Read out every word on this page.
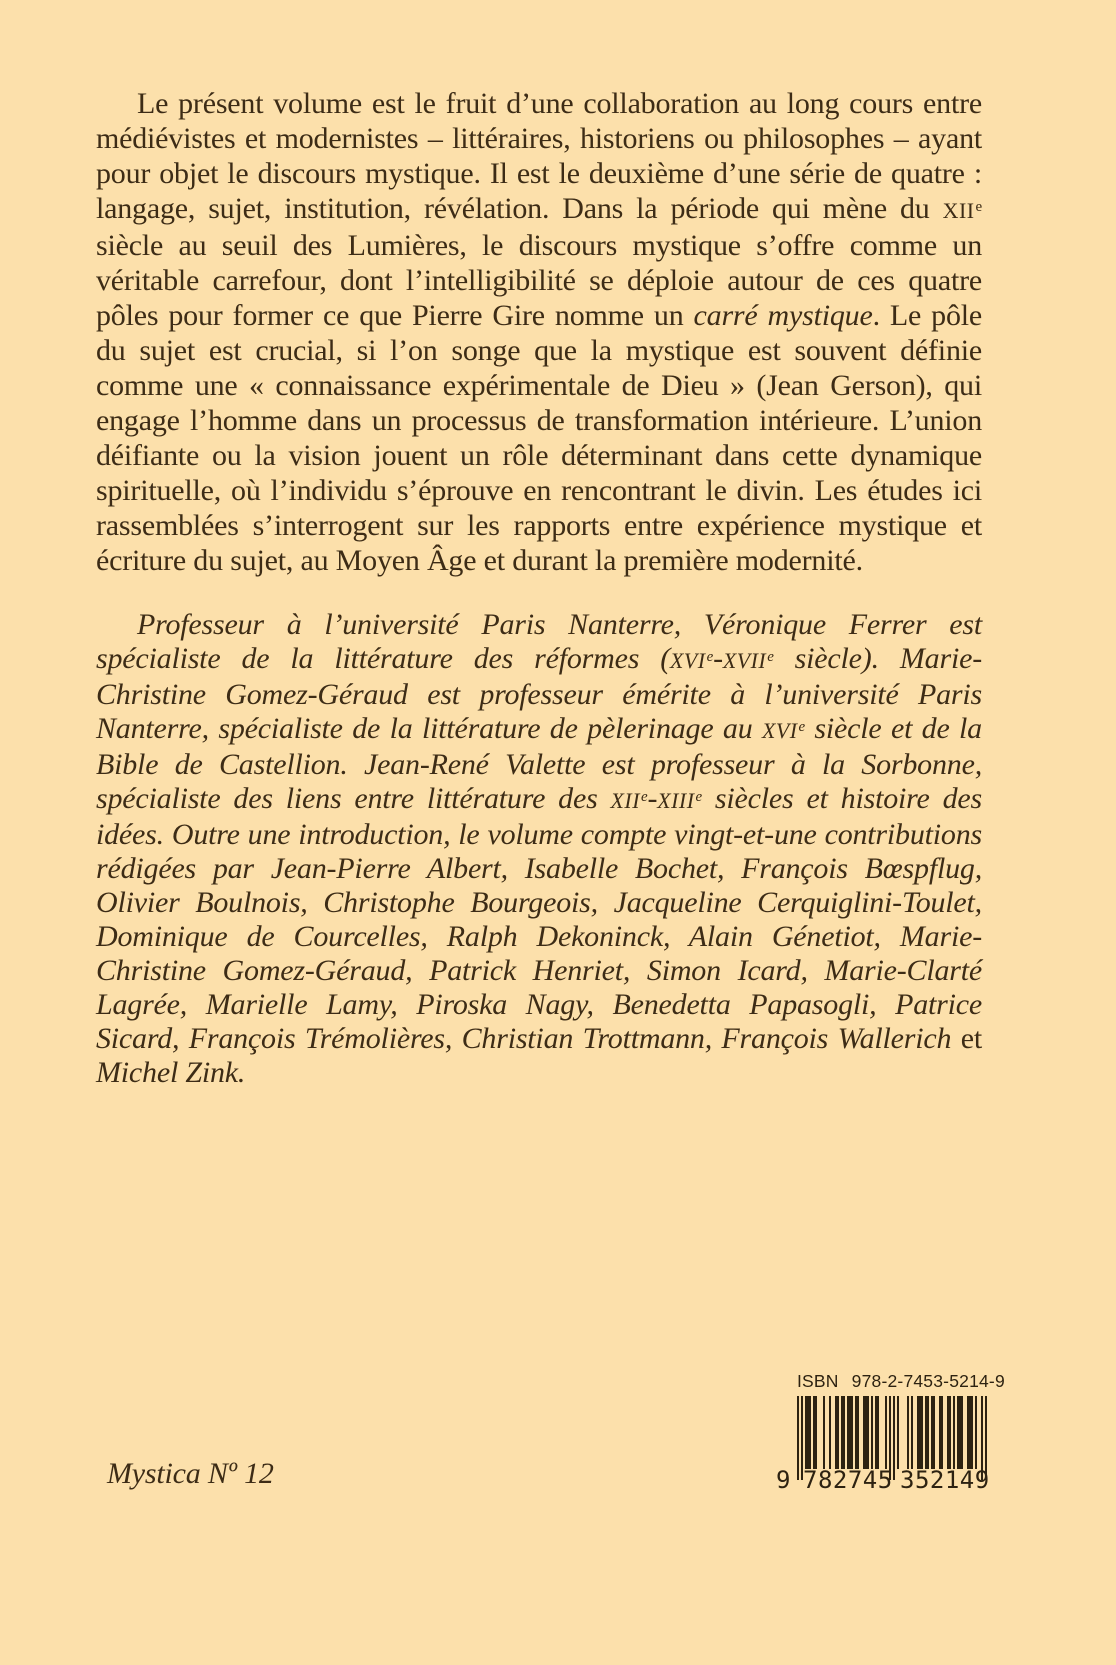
Le présent volume est le fruit d’une collaboration au long cours entre médiévistes et modernistes – littéraires, historiens ou philosophes – ayant pour objet le discours mystique. Il est le deuxième d’une série de quatre : langage, sujet, institution, révélation. Dans la période qui mène du XIIe siècle au seuil des Lumières, le discours mystique s’offre comme un véritable carrefour, dont l’intelligibilité se déploie autour de ces quatre pôles pour former ce que Pierre Gire nomme un carré mystique. Le pôle du sujet est crucial, si l’on songe que la mystique est souvent définie comme une « connaissance expérimentale de Dieu » (Jean Gerson), qui engage l’homme dans un processus de transformation intérieure. L’union déifiante ou la vision jouent un rôle déterminant dans cette dynamique spirituelle, où l’individu s’éprouve en rencontrant le divin. Les études ici rassemblées s’interrogent sur les rapports entre expérience mystique et écriture du sujet, au Moyen Âge et durant la première modernité.

Professeur à l’université Paris Nanterre, Véronique Ferrer est spécialiste de la littérature des réformes (XVIe-XVIIe siècle). Marie-Christine Gomez-Géraud est professeur émérite à l’université Paris Nanterre, spécialiste de la littérature de pèlerinage au XVIe siècle et de la Bible de Castellion. Jean-René Valette est professeur à la Sorbonne, spécialiste des liens entre littérature des XIIe-XIIIe siècles et histoire des idées. Outre une introduction, le volume compte vingt-et-une contributions rédigées par Jean-Pierre Albert, Isabelle Bochet, François Bœspflug, Olivier Boulnois, Christophe Bourgeois, Jacqueline Cerquiglini-Toulet, Dominique de Courcelles, Ralph Dekoninck, Alain Génetiot, Marie-Christine Gomez-Géraud, Patrick Henriet, Simon Icard, Marie-Clarté Lagrée, Marielle Lamy, Piroska Nagy, Benedetta Papasogli, Patrice Sicard, François Trémolières, Christian Trottmann, François Wallerich et Michel Zink.

Mystica Nº 12
ISBN 978-2-7453-5214-9
9 782745 352149
